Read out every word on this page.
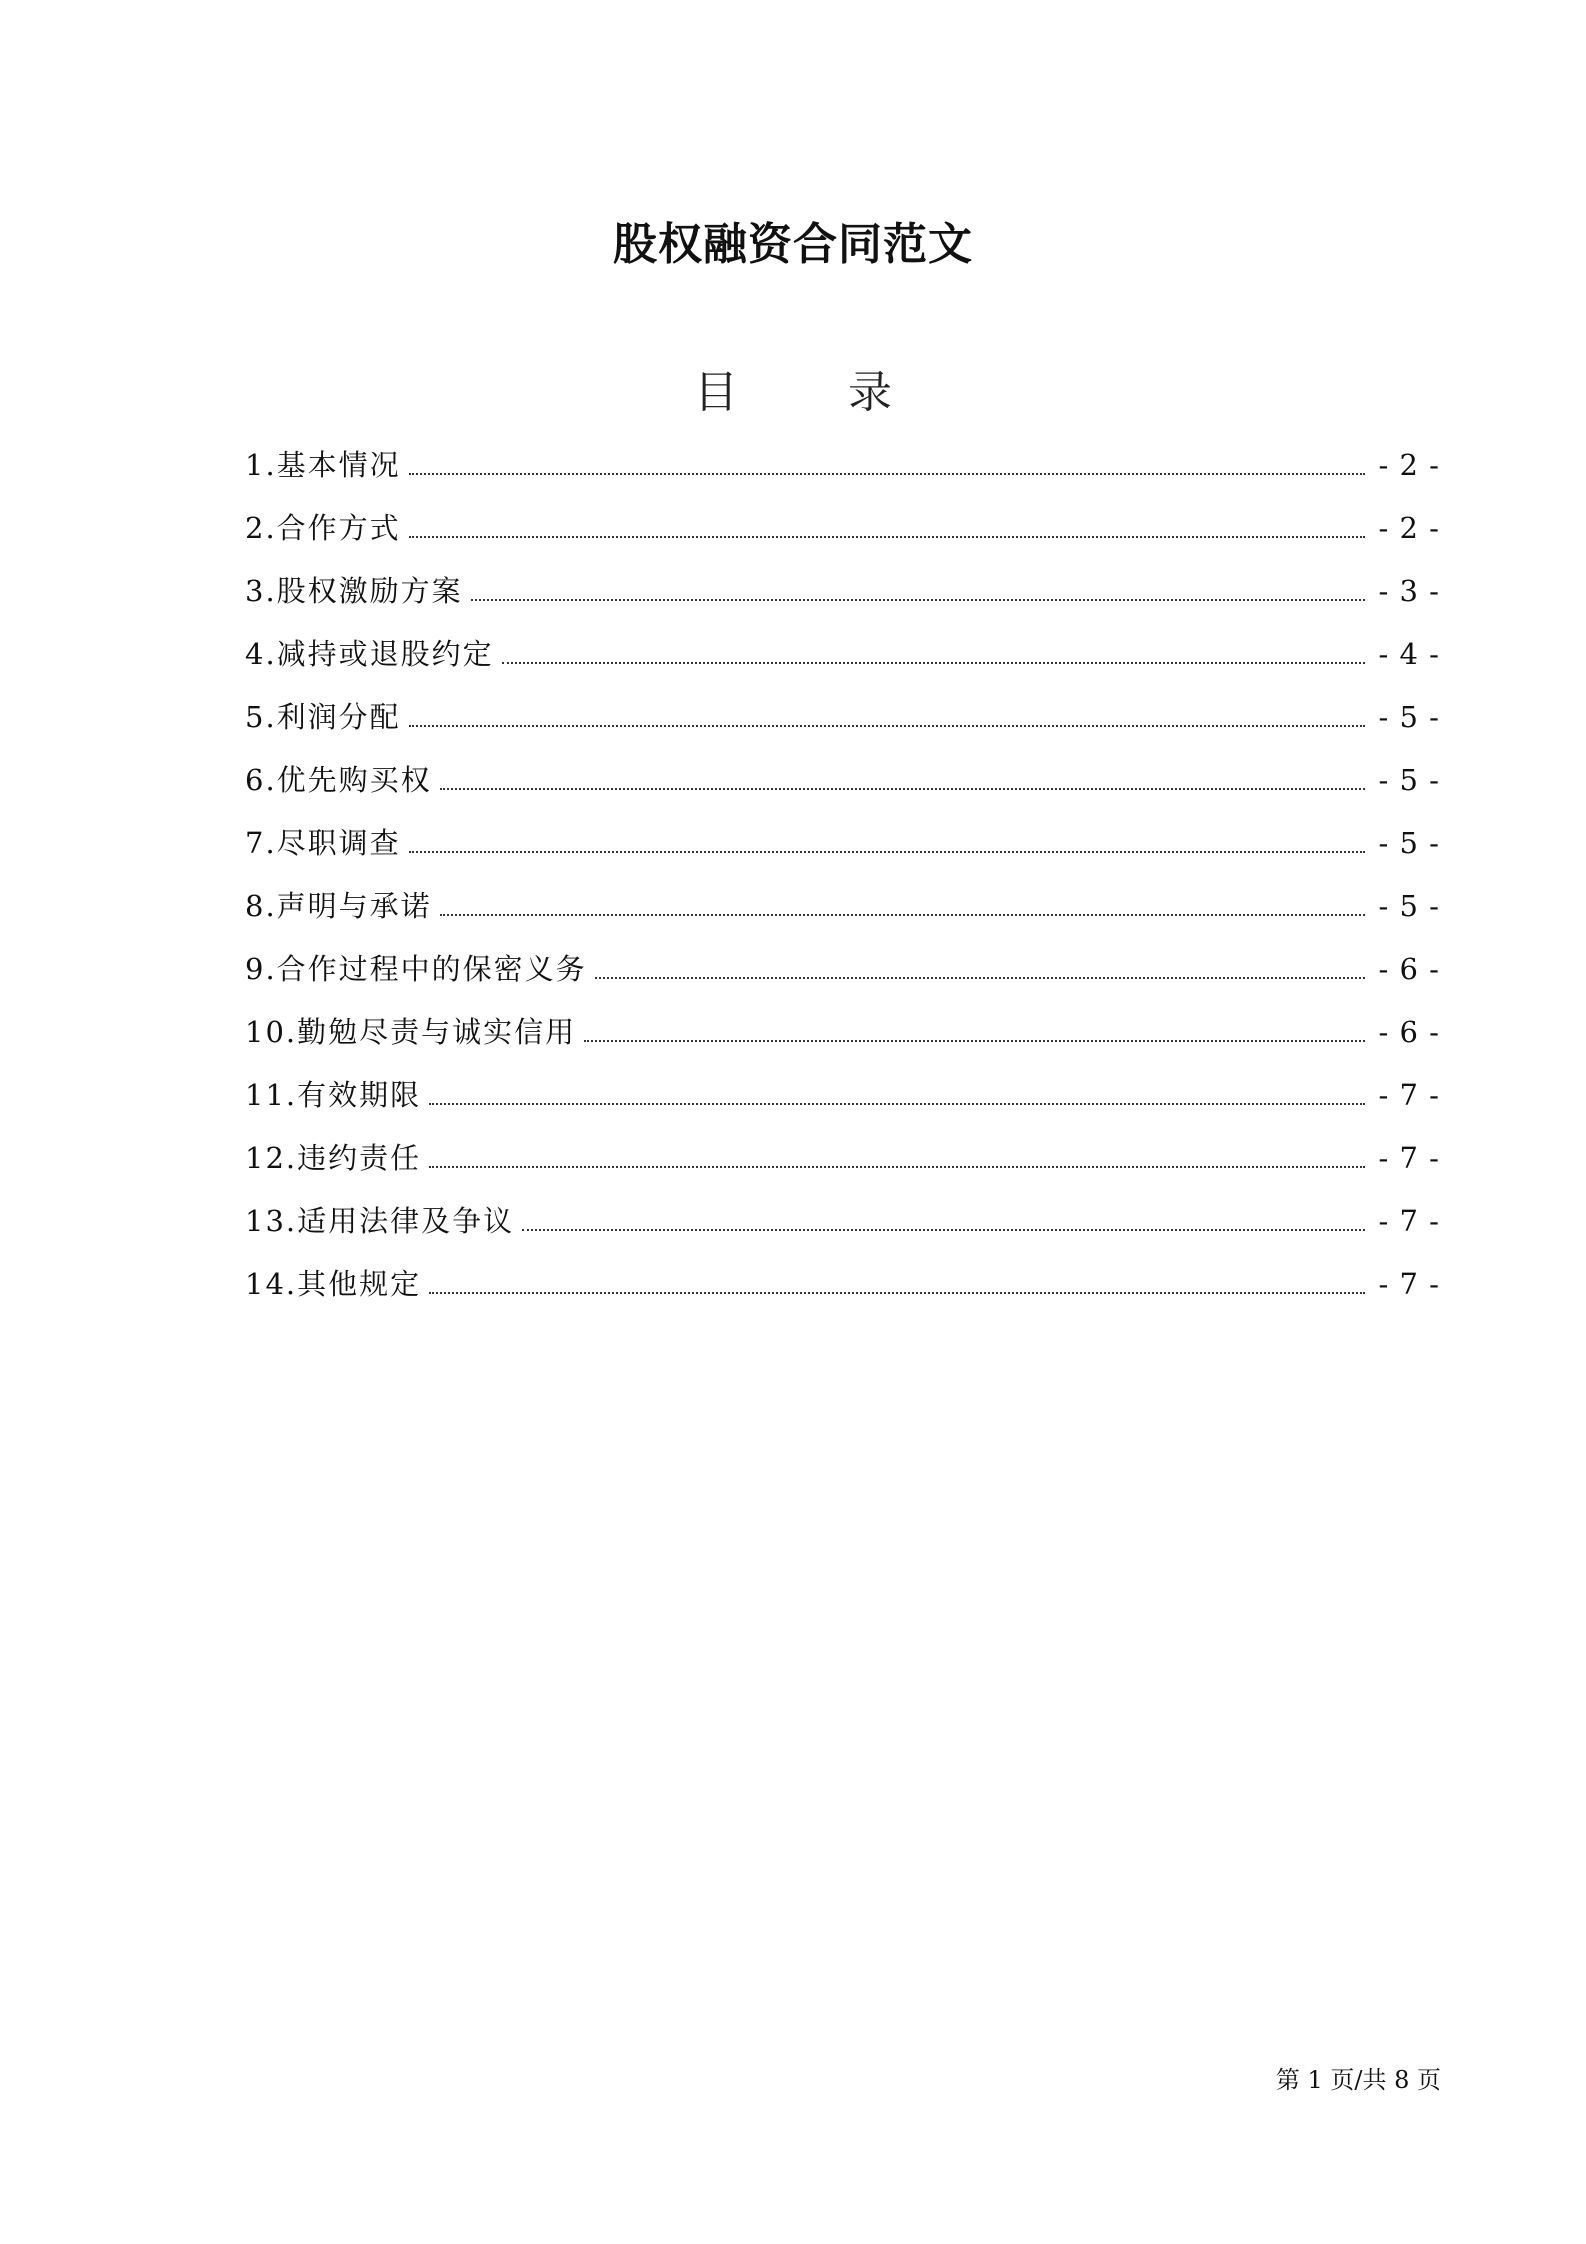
股权融资合同范文
目 录
1.基本情况	- 2 -
2.合作方式	- 2 -
3.股权激励方案	- 3 -
4.减持或退股约定	- 4 -
5.利润分配	- 5 -
6.优先购买权	- 5 -
7.尽职调查	- 5 -
8.声明与承诺	- 5 -
9.合作过程中的保密义务	- 6 -
10.勤勉尽责与诚实信用	- 6 -
11.有效期限	- 7 -
12.违约责任	- 7 -
13.适用法律及争议	- 7 -
14.其他规定	- 7 -
第 1 页/共 8 页
